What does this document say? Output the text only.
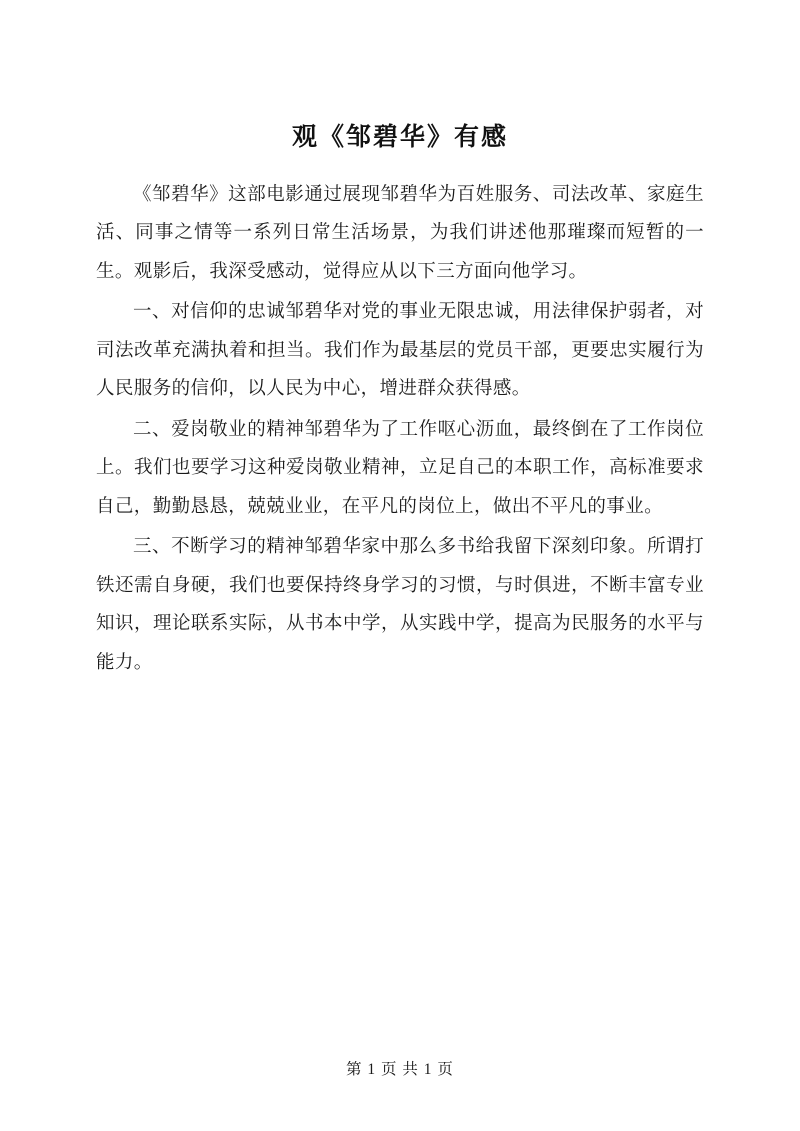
观《邹碧华》有感

《邹碧华》这部电影通过展现邹碧华为百姓服务、司法改革、家庭生活、同事之情等一系列日常生活场景，为我们讲述他那璀璨而短暂的一生。观影后，我深受感动，觉得应从以下三方面向他学习。

一、对信仰的忠诚邹碧华对党的事业无限忠诚，用法律保护弱者，对司法改革充满执着和担当。我们作为最基层的党员干部，更要忠实履行为人民服务的信仰，以人民为中心，增进群众获得感。

二、爱岗敬业的精神邹碧华为了工作呕心沥血，最终倒在了工作岗位上。我们也要学习这种爱岗敬业精神，立足自己的本职工作，高标准要求自己，勤勤恳恳，兢兢业业，在平凡的岗位上，做出不平凡的事业。

三、不断学习的精神邹碧华家中那么多书给我留下深刻印象。所谓打铁还需自身硬，我们也要保持终身学习的习惯，与时俱进，不断丰富专业知识，理论联系实际，从书本中学，从实践中学，提高为民服务的水平与能力。

第 1 页 共 1 页
